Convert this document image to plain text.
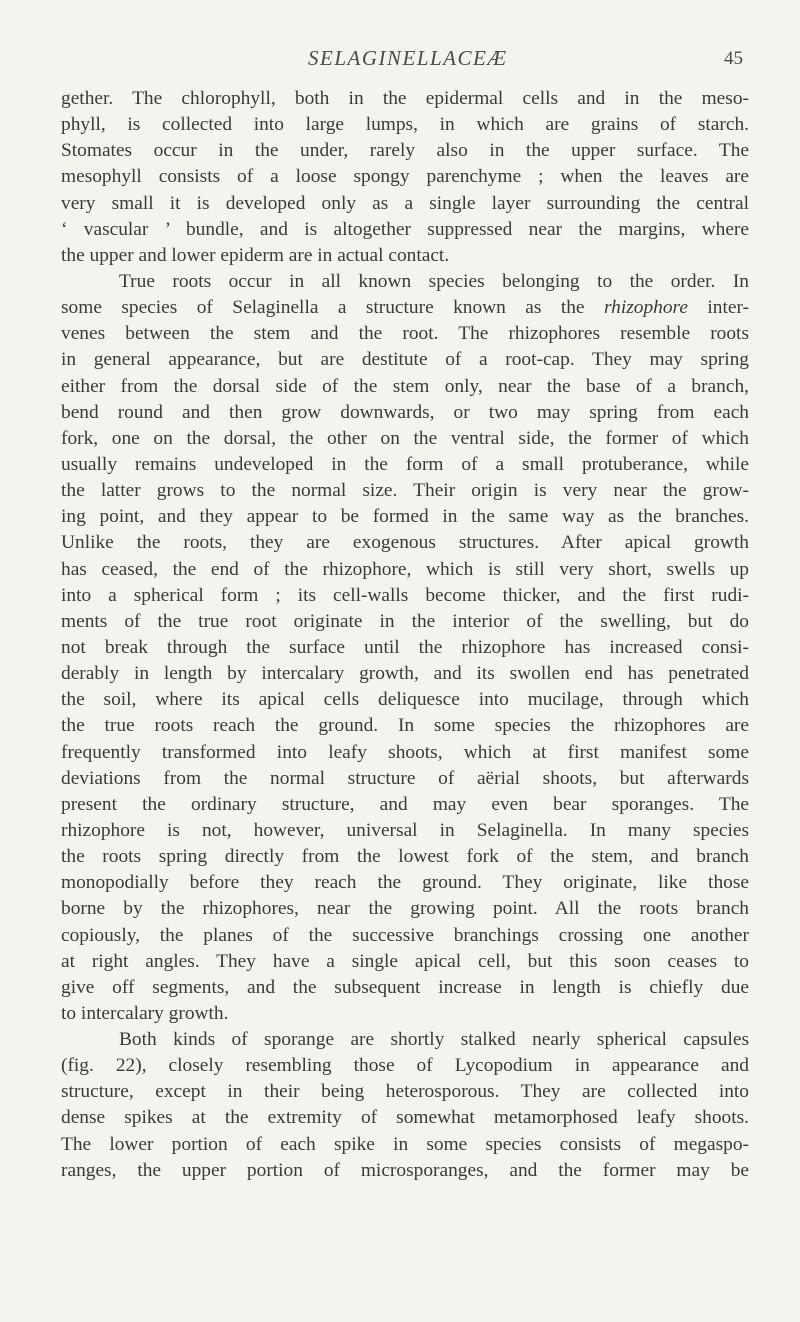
SELAGINELLACEÆ	45
gether. The chlorophyll, both in the epidermal cells and in the meso-
phyll, is collected into large lumps, in which are grains of starch.
Stomates occur in the under, rarely also in the upper surface. The
mesophyll consists of a loose spongy parenchyme ; when the leaves are
very small it is developed only as a single layer surrounding the central
‘ vascular ’ bundle, and is altogether suppressed near the margins, where
the upper and lower epiderm are in actual contact.
True roots occur in all known species belonging to the order. In
some species of Selaginella a structure known as the rhizophore inter-
venes between the stem and the root. The rhizophores resemble roots
in general appearance, but are destitute of a root-cap. They may spring
either from the dorsal side of the stem only, near the base of a branch,
bend round and then grow downwards, or two may spring from each
fork, one on the dorsal, the other on the ventral side, the former of which
usually remains undeveloped in the form of a small protuberance, while
the latter grows to the normal size. Their origin is very near the grow-
ing point, and they appear to be formed in the same way as the branches.
Unlike the roots, they are exogenous structures. After apical growth
has ceased, the end of the rhizophore, which is still very short, swells up
into a spherical form ; its cell-walls become thicker, and the first rudi-
ments of the true root originate in the interior of the swelling, but do
not break through the surface until the rhizophore has increased consi-
derably in length by intercalary growth, and its swollen end has penetrated
the soil, where its apical cells deliquesce into mucilage, through which
the true roots reach the ground. In some species the rhizophores are
frequently transformed into leafy shoots, which at first manifest some
deviations from the normal structure of aërial shoots, but afterwards
present the ordinary structure, and may even bear sporanges. The
rhizophore is not, however, universal in Selaginella. In many species
the roots spring directly from the lowest fork of the stem, and branch
monopodially before they reach the ground. They originate, like those
borne by the rhizophores, near the growing point. All the roots branch
copiously, the planes of the successive branchings crossing one another
at right angles. They have a single apical cell, but this soon ceases to
give off segments, and the subsequent increase in length is chiefly due
to intercalary growth.
Both kinds of sporange are shortly stalked nearly spherical capsules
(fig. 22), closely resembling those of Lycopodium in appearance and
structure, except in their being heterosporous. They are collected into
dense spikes at the extremity of somewhat metamorphosed leafy shoots.
The lower portion of each spike in some species consists of megaspo-
ranges, the upper portion of microsporanges, and the former may be
